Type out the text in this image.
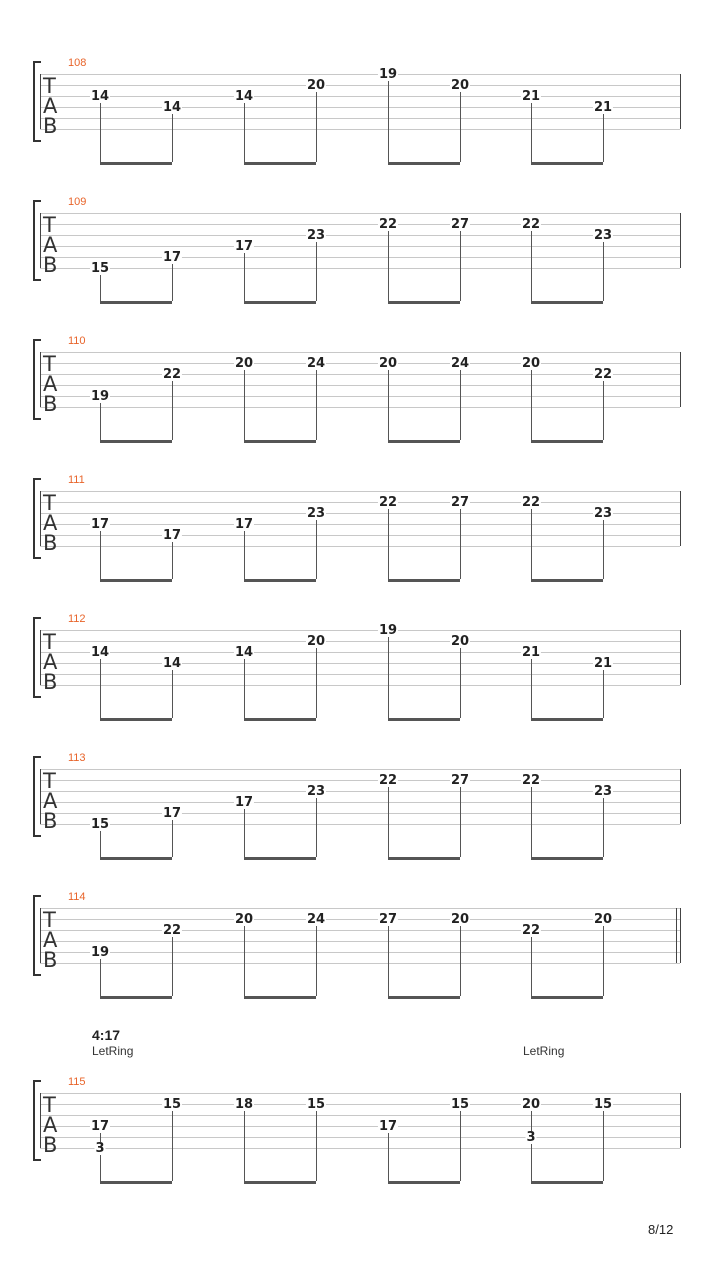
108
T
A
B
14
14
14
20
19
20
21
21
109
T
A
B	15
17
17
23
22	27	22
23
110
T
A
B	19
22
20	24	20	24	20
22
111
T
A
B
17
17
17
23
22	27	22
23
112
T
A
B
14
14
14
20
19
20
21
21
113
T
A
B	15
17
17
23
22	27	22
23
114
T
A
B	19
22
20	24	27	20
22
20
115
T
A
B
17
3
15	18	15
17
15	20
3
15
4:17
LetRing	LetRing
8/12
